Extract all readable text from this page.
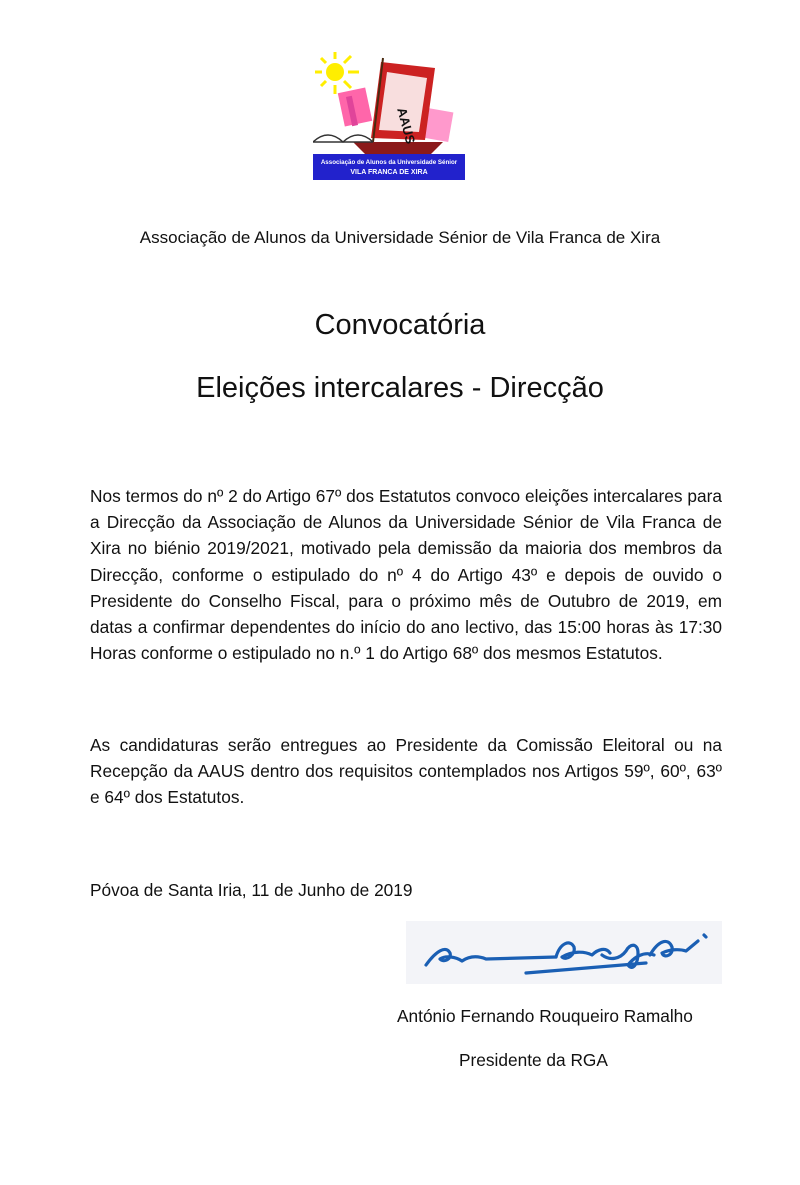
AAUS
Associação de Alunos da Universidade Sénior
VILA FRANCA DE XIRA
Associação de Alunos da Universidade Sénior de Vila Franca de Xira
Convocatória
Eleições intercalares - Direcção

Nos termos do nº 2 do Artigo 67º dos Estatutos convoco eleições intercalares para a Direcção da Associação de Alunos da Universidade Sénior de Vila Franca de Xira no biénio 2019/2021, motivado pela demissão da maioria dos membros da Direcção, conforme o estipulado do nº 4 do Artigo 43º e depois de ouvido o Presidente do Conselho Fiscal, para o próximo mês de Outubro de 2019, em datas a confirmar dependentes do início do ano lectivo, das 15:00 horas às 17:30 Horas conforme o estipulado no n.º 1 do Artigo 68º dos mesmos Estatutos.

As candidaturas serão entregues ao Presidente da Comissão Eleitoral ou na Recepção da AAUS dentro dos requisitos contemplados nos Artigos 59º, 60º, 63º e 64º dos Estatutos.

Póvoa de Santa Iria, 11 de Junho de 2019
António Fernando Rouqueiro Ramalho
Presidente da RGA
